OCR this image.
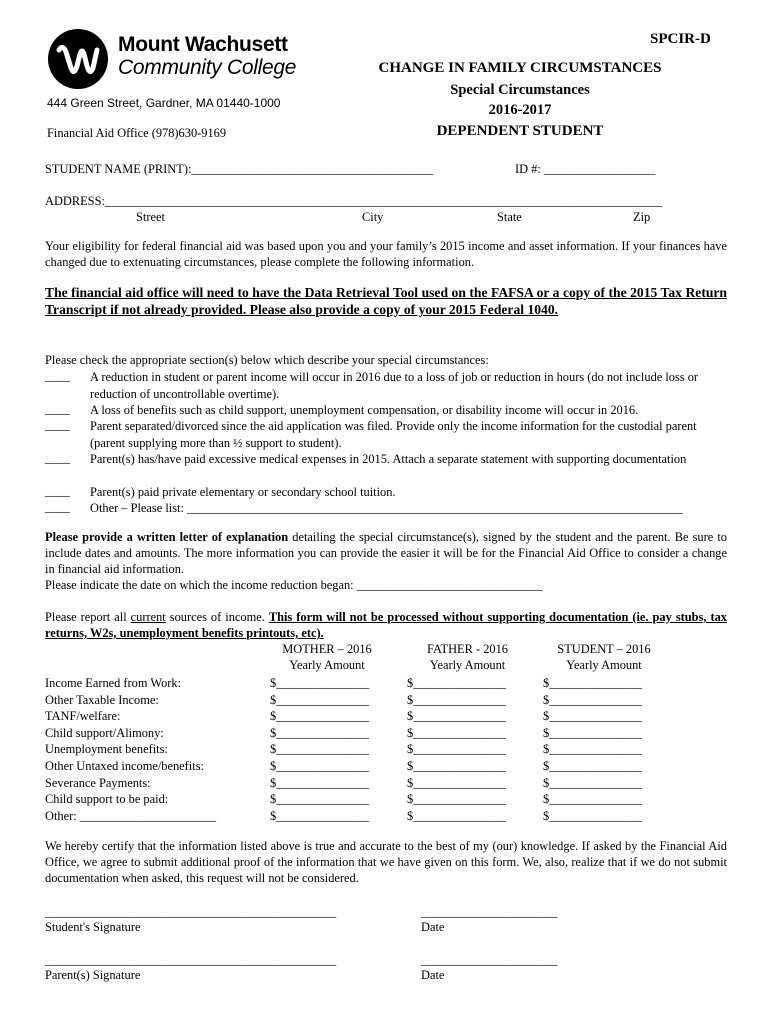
SPCIR-D
Mount Wachusett
Community College
444 Green Street, Gardner, MA 01440-1000
Financial Aid Office (978)630-9169
CHANGE IN FAMILY CIRCUMSTANCES
Special Circumstances
2016-2017
DEPENDENT STUDENT
STUDENT NAME (PRINT):_______________________________________	ID #: __________________
ADDRESS:__________________________________________________________________________________________
Street	City	State	Zip
Your eligibility for federal financial aid was based upon you and your family’s 2015 income and asset information. If your finances have changed due to extenuating circumstances, please complete the following information.
The financial aid office will need to have the Data Retrieval Tool used on the FAFSA or a copy of the 2015 Tax Return Transcript if not already provided. Please also provide a copy of your 2015 Federal 1040.
Please check the appropriate section(s) below which describe your special circumstances:
____ A reduction in student or parent income will occur in 2016 due to a loss of job or reduction in hours (do not include loss or reduction of uncontrollable overtime).
____ A loss of benefits such as child support, unemployment compensation, or disability income will occur in 2016.
____ Parent separated/divorced since the aid application was filed. Provide only the income information for the custodial parent (parent supplying more than ½ support to student).
____ Parent(s) has/have paid excessive medical expenses in 2015. Attach a separate statement with supporting documentation
____ Parent(s) paid private elementary or secondary school tuition.
____ Other – Please list: ________________________________________________________________________________
Please provide a written letter of explanation detailing the special circumstance(s), signed by the student and the parent. Be sure to include dates and amounts. The more information you can provide the easier it will be for the Financial Aid Office to consider a change in financial aid information.
Please indicate the date on which the income reduction began: ______________________________
Please report all current sources of income. This form will not be processed without supporting documentation (ie. pay stubs, tax returns, W2s, unemployment benefits printouts, etc).
MOTHER – 2016
Yearly Amount
FATHER - 2016
Yearly Amount
STUDENT – 2016
Yearly Amount
Income Earned from Work:	$_______________	$_______________	$_______________
Other Taxable Income:	$_______________	$_______________	$_______________
TANF/welfare:	$_______________	$_______________	$_______________
Child support/Alimony:	$_______________	$_______________	$_______________
Unemployment benefits:	$_______________	$_______________	$_______________
Other Untaxed income/benefits:	$_______________	$_______________	$_______________
Severance Payments:	$_______________	$_______________	$_______________
Child support to be paid:	$_______________	$_______________	$_______________
Other: ______________________	$_______________	$_______________	$_______________
We hereby certify that the information listed above is true and accurate to the best of my (our) knowledge. If asked by the Financial Aid Office, we agree to submit additional proof of the information that we have given on this form. We, also, realize that if we do not submit documentation when asked, this request will not be considered.
_______________________________________________
Student's Signature
______________________
Date
_______________________________________________
Parent(s) Signature
______________________
Date
